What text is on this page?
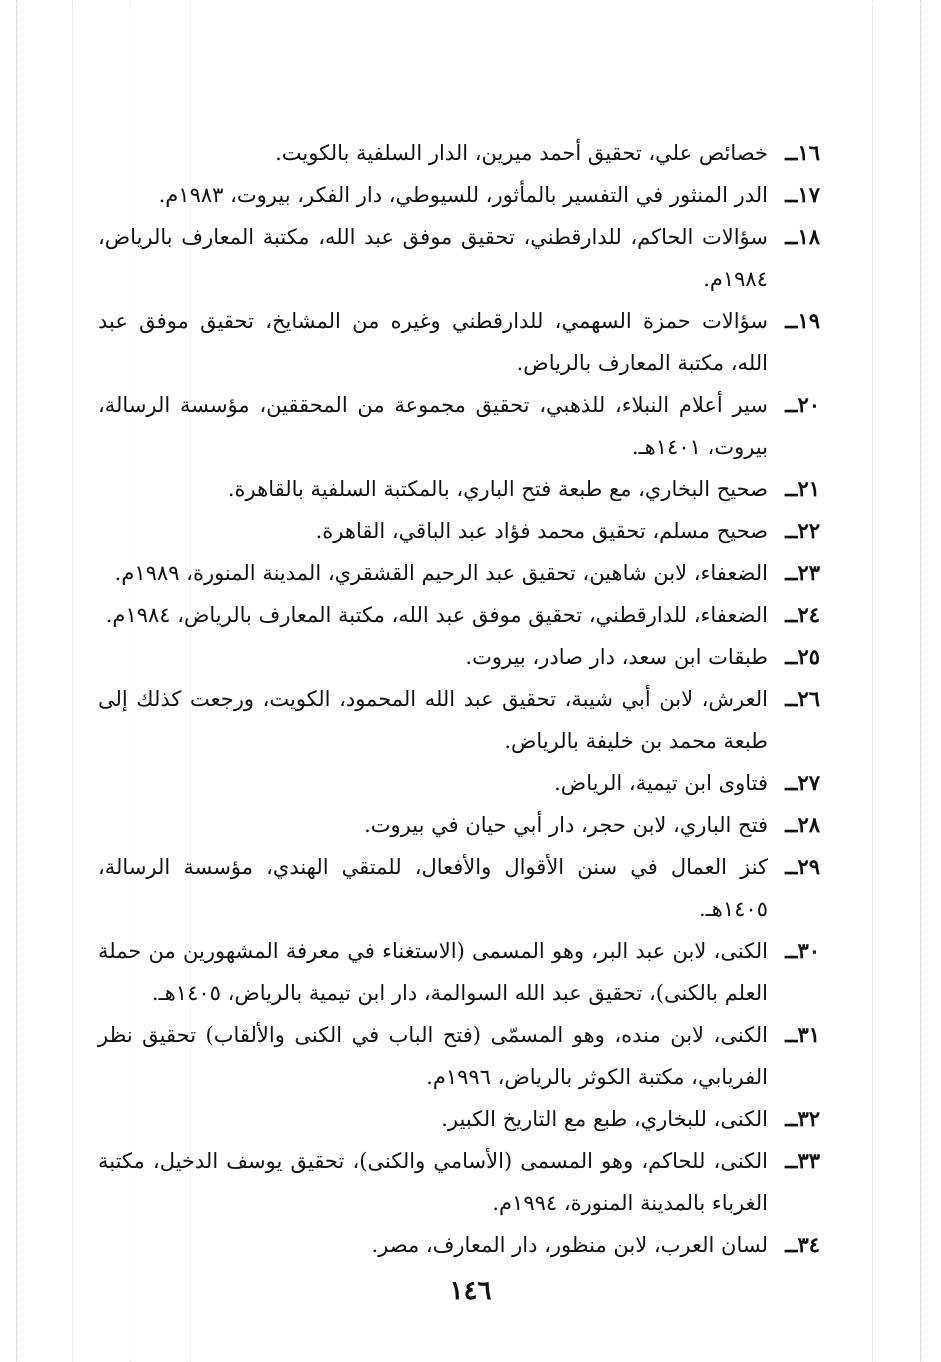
١٦ــ
خصائص علي، تحقيق أحمد ميرين، الدار السلفية بالكويت.

١٧ــ
الدر المنثور في التفسير بالمأثور، للسيوطي، دار الفكر، بيروت، ١٩٨٣م.

١٨ــ
سؤالات الحاكم، للدارقطني، تحقيق موفق عبد الله، مكتبة المعارف بالرياض، ١٩٨٤م.

١٩ــ
سؤالات حمزة السهمي، للدارقطني وغيره من المشايخ، تحقيق موفق عبد الله، مكتبة المعارف بالرياض.

٢٠ــ
سير أعلام النبلاء، للذهبي، تحقيق مجموعة من المحققين، مؤسسة الرسالة، بيروت، ١٤٠١هـ.

٢١ــ
صحيح البخاري، مع طبعة فتح الباري، بالمكتبة السلفية بالقاهرة.

٢٢ــ
صحيح مسلم، تحقيق محمد فؤاد عبد الباقي، القاهرة.

٢٣ــ
الضعفاء، لابن شاهين، تحقيق عبد الرحيم القشقري، المدينة المنورة، ١٩٨٩م.

٢٤ــ
الضعفاء، للدارقطني، تحقيق موفق عبد الله، مكتبة المعارف بالرياض، ١٩٨٤م.

٢٥ــ
طبقات ابن سعد، دار صادر، بيروت.

٢٦ــ
العرش، لابن أبي شيبة، تحقيق عبد الله المحمود، الكويت، ورجعت كذلك إلى طبعة محمد بن خليفة بالرياض.

٢٧ــ
فتاوى ابن تيمية، الرياض.

٢٨ــ
فتح الباري، لابن حجر، دار أبي حيان في بيروت.

٢٩ــ
كنز العمال في سنن الأقوال والأفعال، للمتقي الهندي، مؤسسة الرسالة، ١٤٠٥هـ.

٣٠ــ
الكنى، لابن عبد البر، وهو المسمى (الاستغناء في معرفة المشهورين من حملة العلم بالكنى)، تحقيق عبد الله السوالمة، دار ابن تيمية بالرياض، ١٤٠٥هـ.

٣١ــ
الكنى، لابن منده، وهو المسمّى (فتح الباب في الكنى والألقاب) تحقيق نظر الفريابي، مكتبة الكوثر بالرياض، ١٩٩٦م.

٣٢ــ
الكنى، للبخاري، طبع مع التاريخ الكبير.

٣٣ــ
الكنى، للحاكم، وهو المسمى (الأسامي والكنى)، تحقيق يوسف الدخيل، مكتبة الغرباء بالمدينة المنورة، ١٩٩٤م.

٣٤ــ
لسان العرب، لابن منظور، دار المعارف، مصر.

١٤٦
